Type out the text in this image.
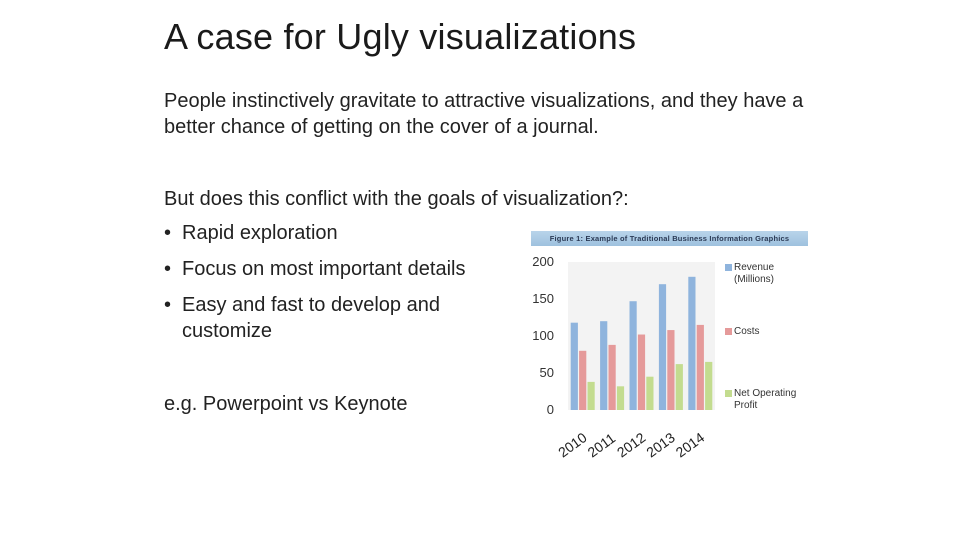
A case for Ugly visualizations

People instinctively gravitate to attractive visualizations, and they have a better chance of getting on the cover of a journal.

But does this conflict with the goals of visualization?:

• Rapid exploration
• Focus on most important details
• Easy and fast to develop and customize

e.g. Powerpoint vs Keynote

Figure 1: Example of Traditional Business Information Graphics
0
50
100
150
200
2010
2011
2012
2013
2014
Revenue (Millions)
Costs
Net Operating Profit
